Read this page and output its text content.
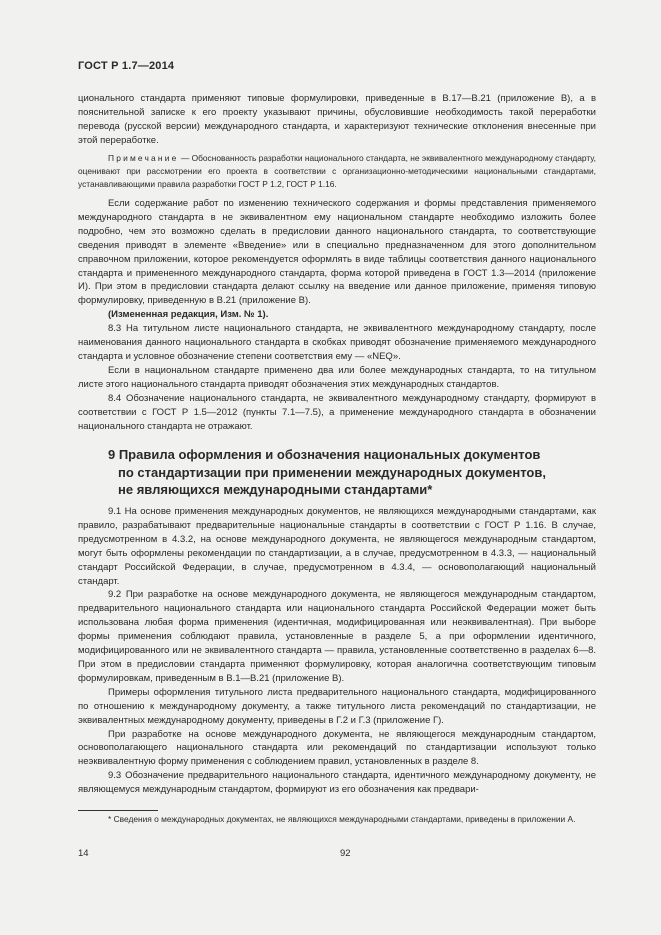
ГОСТ Р 1.7—2014

ционального стандарта применяют типовые формулировки, приведенные в В.17—В.21 (приложение В), а в пояснительной записке к его проекту указывают причины, обусловившие необходимость такой переработки перевода (русской версии) международного стандарта, и характеризуют технические отклонения внесенные при этой переработке.

Примечание — Обоснованность разработки национального стандарта, не эквивалентного международному стандарту, оценивают при рассмотрении его проекта в соответствии с организационно-методическими национальными стандартами, устанавливающими правила разработки ГОСТ Р 1.2, ГОСТ Р 1.16.

Если содержание работ по изменению технического содержания и формы представления применяемого международного стандарта в не эквивалентном ему национальном стандарте необходимо изложить более подробно, чем это возможно сделать в предисловии данного национального стандарта, то соответствующие сведения приводят в элементе «Введение» или в специально предназначенном для этого дополнительном справочном приложении, которое рекомендуется оформлять в виде таблицы соответствия данного национального стандарта и примененного международного стандарта, форма которой приведена в ГОСТ 1.3—2014 (приложение И). При этом в предисловии стандарта делают ссылку на введение или данное приложение, применяя типовую формулировку, приведенную в В.21 (приложение В).

(Измененная редакция, Изм. № 1).

8.3 На титульном листе национального стандарта, не эквивалентного международному стандарту, после наименования данного национального стандарта в скобках приводят обозначение применяемого международного стандарта и условное обозначение степени соответствия ему — «NEQ».

Если в национальном стандарте применено два или более международных стандарта, то на титульном листе этого национального стандарта приводят обозначения этих международных стандартов.

8.4 Обозначение национального стандарта, не эквивалентного международному стандарту, формируют в соответствии с ГОСТ Р 1.5—2012 (пункты 7.1—7.5), а применение международного стандарта в обозначении национального стандарта не отражают.

9 Правила оформления и обозначения национальных документов
по стандартизации при применении международных документов,
не являющихся международными стандартами*

9.1 На основе применения международных документов, не являющихся международными стандартами, как правило, разрабатывают предварительные национальные стандарты в соответствии с ГОСТ Р 1.16. В случае, предусмотренном в 4.3.2, на основе международного документа, не являющегося международным стандартом, могут быть оформлены рекомендации по стандартизации, а в случае, предусмотренном в 4.3.3, — национальный стандарт Российской Федерации, в случае, предусмотренном в 4.3.4, — основополагающий национальный стандарт.

9.2 При разработке на основе международного документа, не являющегося международным стандартом, предварительного национального стандарта или национального стандарта Российской Федерации может быть использована любая форма применения (идентичная, модифицированная или неэквивалентная). При выборе формы применения соблюдают правила, установленные в разделе 5, а при оформлении идентичного, модифицированного или не эквивалентного стандарта — правила, установленные соответственно в разделах 6—8. При этом в предисловии стандарта применяют формулировку, которая аналогична соответствующим типовым формулировкам, приведенным в В.1—В.21 (приложение В).

Примеры оформления титульного листа предварительного национального стандарта, модифицированного по отношению к международному документу, а также титульного листа рекомендаций по стандартизации, не эквивалентных международному документу, приведены в Г.2 и Г.3 (приложение Г).

При разработке на основе международного документа, не являющегося международным стандартом, основополагающего национального стандарта или рекомендаций по стандартизации используют только неэквивалентную форму применения с соблюдением правил, установленных в разделе 8.

9.3 Обозначение предварительного национального стандарта, идентичного международному документу, не являющемуся международным стандартом, формируют из его обозначения как предвари-

* Сведения о международных документах, не являющихся международными стандартами, приведены в приложении А.

14	92
